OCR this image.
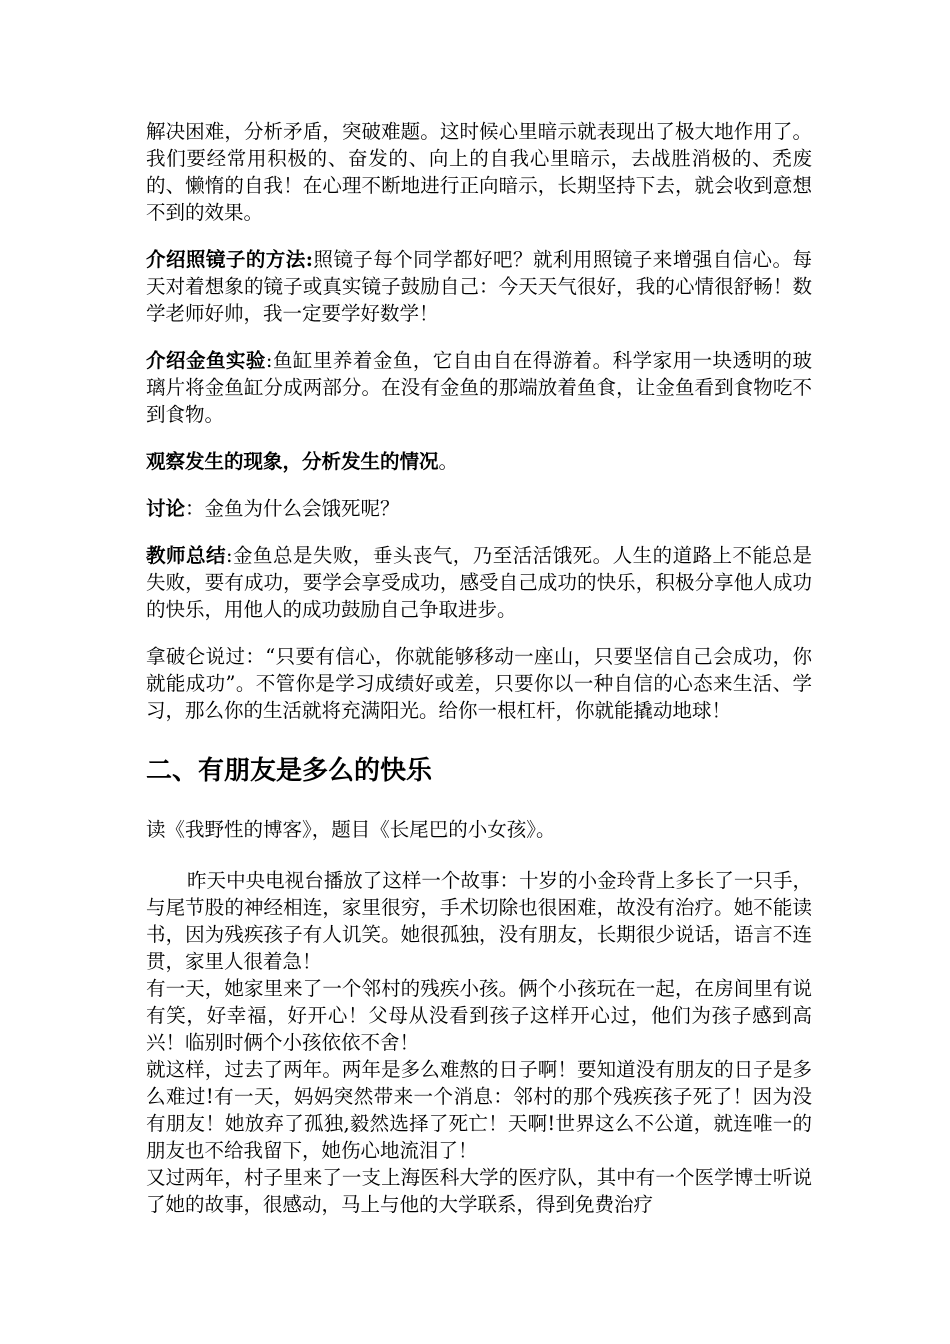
解决困难，分析矛盾，突破难题。这时候心里暗示就表现出了极大地作用了。我们要经常用积极的、奋发的、向上的自我心里暗示，去战胜消极的、禿废的、懒惰的自我！在心理不断地进行正向暗示，长期坚持下去，就会收到意想不到的效果。

介绍照镜子的方法:照镜子每个同学都好吧？就利用照镜子来增强自信心。每天对着想象的镜子或真实镜子鼓励自己：今天天气很好，我的心情很舒畅！数学老师好帅，我一定要学好数学！

介绍金鱼实验:鱼缸里养着金鱼，它自由自在得游着。科学家用一块透明的玻璃片将金鱼缸分成两部分。在没有金鱼的那端放着鱼食，让金鱼看到食物吃不到食物。

观察发生的现象，分析发生的情况。

讨论：金鱼为什么会饿死呢？

教师总结:金鱼总是失败，垂头丧气，乃至活活饿死。人生的道路上不能总是失败，要有成功，要学会享受成功，感受自己成功的快乐，积极分享他人成功的快乐，用他人的成功鼓励自己争取进步。

拿破仑说过：“只要有信心，你就能够移动一座山，只要坚信自己会成功，你就能成功”。不管你是学习成绩好或差，只要你以一种自信的心态来生活、学习，那么你的生活就将充满阳光。给你一根杠杆，你就能撬动地球！

二、有朋友是多么的快乐

读《我野性的博客》，题目《长尾巴的小女孩》。

昨天中央电视台播放了这样一个故事：十岁的小金玲背上多长了一只手，与尾节股的神经相连，家里很穷，手术切除也很困难，故没有治疗。她不能读书，因为残疾孩子有人讥笑。她很孤独，没有朋友，长期很少说话，语言不连贯，家里人很着急！

有一天，她家里来了一个邻村的残疾小孩。俩个小孩玩在一起，在房间里有说有笑，好幸福，好开心！父母从没看到孩子这样开心过，他们为孩子感到高兴！临别时俩个小孩依依不舍！

就这样，过去了两年。两年是多么难熬的日子啊！要知道没有朋友的日子是多么难过!有一天，妈妈突然带来一个消息：邻村的那个残疾孩子死了！因为没有朋友！她放弃了孤独,毅然选择了死亡！天啊!世界这么不公道，就连唯一的朋友也不给我留下，她伤心地流泪了！

又过两年，村子里来了一支上海医科大学的医疗队，其中有一个医学博士听说了她的故事，很感动，马上与他的大学联系，得到免费治疗
